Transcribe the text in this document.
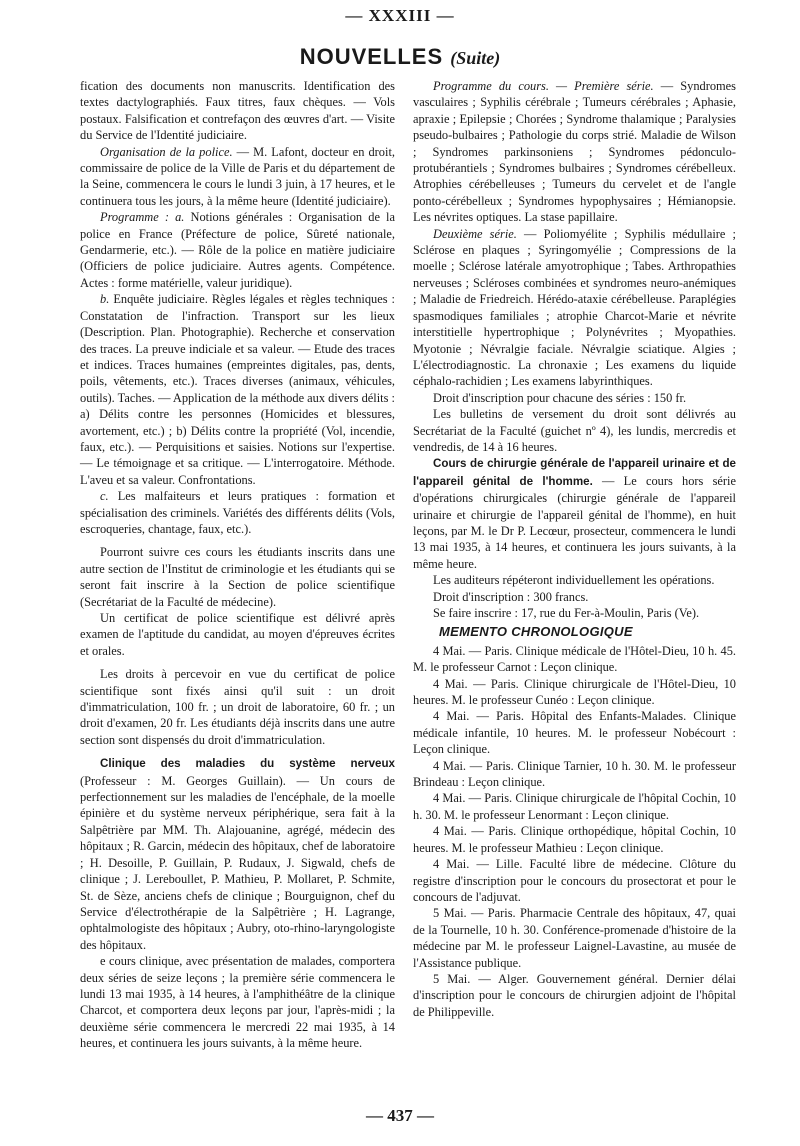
— XXXIII —
NOUVELLES (Suite)

fication des documents non manuscrits. Identification des textes dactylographiés. Faux titres, faux chèques. — Vols postaux. Falsification et contrefaçon des œuvres d'art. — Visite du Service de l'Identité judiciaire.

Organisation de la police. — M. Lafont, docteur en droit, commissaire de police de la Ville de Paris et du département de la Seine, commencera le cours le lundi 3 juin, à 17 heures, et le continuera tous les jours, à la même heure (Identité judiciaire).

Programme : a. Notions générales : Organisation de la police en France (Préfecture de police, Sûreté nationale, Gendarmerie, etc.). — Rôle de la police en matière judiciaire (Officiers de police judiciaire. Autres agents. Compétence. Actes : forme matérielle, valeur juridique).

b. Enquête judiciaire. Règles légales et règles techniques : Constatation de l'infraction. Transport sur les lieux (Description. Plan. Photographie). Recherche et conservation des traces. La preuve indiciale et sa valeur. — Etude des traces et indices. Traces humaines (empreintes digitales, pas, dents, poils, vêtements, etc.). Traces diverses (animaux, véhicules, outils). Taches. — Application de la méthode aux divers délits : a) Délits contre les personnes (Homicides et blessures, avortement, etc.) ; b) Délits contre la propriété (Vol, incendie, faux, etc.). — Perquisitions et saisies. Notions sur l'expertise. — Le témoignage et sa critique. — L'interrogatoire. Méthode. L'aveu et sa valeur. Confrontations.

c. Les malfaiteurs et leurs pratiques : formation et spécialisation des criminels. Variétés des différents délits (Vols, escroqueries, chantage, faux, etc.).

Pourront suivre ces cours les étudiants inscrits dans une autre section de l'Institut de criminologie et les étudiants qui se seront fait inscrire à la Section de police scientifique (Secrétariat de la Faculté de médecine).

Un certificat de police scientifique est délivré après examen de l'aptitude du candidat, au moyen d'épreuves écrites et orales.

Les droits à percevoir en vue du certificat de police scientifique sont fixés ainsi qu'il suit : un droit d'immatriculation, 100 fr. ; un droit de laboratoire, 60 fr. ; un droit d'examen, 20 fr. Les étudiants déjà inscrits dans une autre section sont dispensés du droit d'immatriculation.

Clinique des maladies du système nerveux (Professeur : M. Georges Guillain). — Un cours de perfectionnement sur les maladies de l'encéphale, de la moelle épinière et du système nerveux périphérique, sera fait à la Salpêtrière par MM. Th. Alajouanine, agrégé, médecin des hôpitaux ; R. Garcin, médecin des hôpitaux, chef de laboratoire ; H. Desoille, P. Guillain, P. Rudaux, J. Sigwald, chefs de clinique ; J. Lereboullet, P. Mathieu, P. Mollaret, P. Schmite, St. de Sèze, anciens chefs de clinique ; Bourguignon, chef du Service d'électrothérapie de la Salpêtrière ; H. Lagrange, ophtalmologiste des hôpitaux ; Aubry, oto-rhino-laryngologiste des hôpitaux.

e cours clinique, avec présentation de malades, comportera deux séries de seize leçons ; la première série commencera le lundi 13 mai 1935, à 14 heures, à l'amphithéâtre de la clinique Charcot, et comportera deux leçons par jour, l'après-midi ; la deuxième série commencera le mercredi 22 mai 1935, à 14 heures, et continuera les jours suivants, à la même heure.

Programme du cours. — Première série. — Syndromes vasculaires ; Syphilis cérébrale ; Tumeurs cérébrales ; Aphasie, apraxie ; Epilepsie ; Chorées ; Syndrome thalamique ; Paralysies pseudo-bulbaires ; Pathologie du corps strié. Maladie de Wilson ; Syndromes parkinsoniens ; Syndromes pédonculo-protubérantiels ; Syndromes bulbaires ; Syndromes cérébelleux. Atrophies cérébelleuses ; Tumeurs du cervelet et de l'angle ponto-cérébelleux ; Syndromes hypophysaires ; Hémianopsie. Les névrites optiques. La stase papillaire.

Deuxième série. — Poliomyélite ; Syphilis médullaire ; Sclérose en plaques ; Syringomyélie ; Compressions de la moelle ; Sclérose latérale amyotrophique ; Tabes. Arthropathies nerveuses ; Scléroses combinées et syndromes neuro-anémiques ; Maladie de Friedreich. Hérédo-ataxie cérébelleuse. Paraplégies spasmodiques familiales ; atrophie Charcot-Marie et névrite interstitielle hypertrophique ; Polynévrites ; Myopathies. Myotonie ; Névralgie faciale. Névralgie sciatique. Algies ; L'électrodiagnostic. La chronaxie ; Les examens du liquide céphalo-rachidien ; Les examens labyrinthiques.

Droit d'inscription pour chacune des séries : 150 fr.

Les bulletins de versement du droit sont délivrés au Secrétariat de la Faculté (guichet nº 4), les lundis, mercredis et vendredis, de 14 à 16 heures.

Cours de chirurgie générale de l'appareil urinaire et de l'appareil génital de l'homme. — Le cours hors série d'opérations chirurgicales (chirurgie générale de l'appareil urinaire et chirurgie de l'appareil génital de l'homme), en huit leçons, par M. le Dr P. Lecœur, prosecteur, commencera le lundi 13 mai 1935, à 14 heures, et continuera les jours suivants, à la même heure.

Les auditeurs répéteront individuellement les opérations.

Droit d'inscription : 300 francs.

Se faire inscrire : 17, rue du Fer-à-Moulin, Paris (Ve).

MEMENTO CHRONOLOGIQUE

4 Mai. — Paris. Clinique médicale de l'Hôtel-Dieu, 10 h. 45. M. le professeur Carnot : Leçon clinique.

4 Mai. — Paris. Clinique chirurgicale de l'Hôtel-Dieu, 10 heures. M. le professeur Cunéo : Leçon clinique.

4 Mai. — Paris. Hôpital des Enfants-Malades. Clinique médicale infantile, 10 heures. M. le professeur Nobécourt : Leçon clinique.

4 Mai. — Paris. Clinique Tarnier, 10 h. 30. M. le professeur Brindeau : Leçon clinique.

4 Mai. — Paris. Clinique chirurgicale de l'hôpital Cochin, 10 h. 30. M. le professeur Lenormant : Leçon clinique.

4 Mai. — Paris. Clinique orthopédique, hôpital Cochin, 10 heures. M. le professeur Mathieu : Leçon clinique.

4 Mai. — Lille. Faculté libre de médecine. Clôture du registre d'inscription pour le concours du prosectorat et pour le concours de l'adjuvat.

5 Mai. — Paris. Pharmacie Centrale des hôpitaux, 47, quai de la Tournelle, 10 h. 30. Conférence-promenade d'histoire de la médecine par M. le professeur Laignel-Lavastine, au musée de l'Assistance publique.

5 Mai. — Alger. Gouvernement général. Dernier délai d'inscription pour le concours de chirurgien adjoint de l'hôpital de Philippeville.

— 437 —
